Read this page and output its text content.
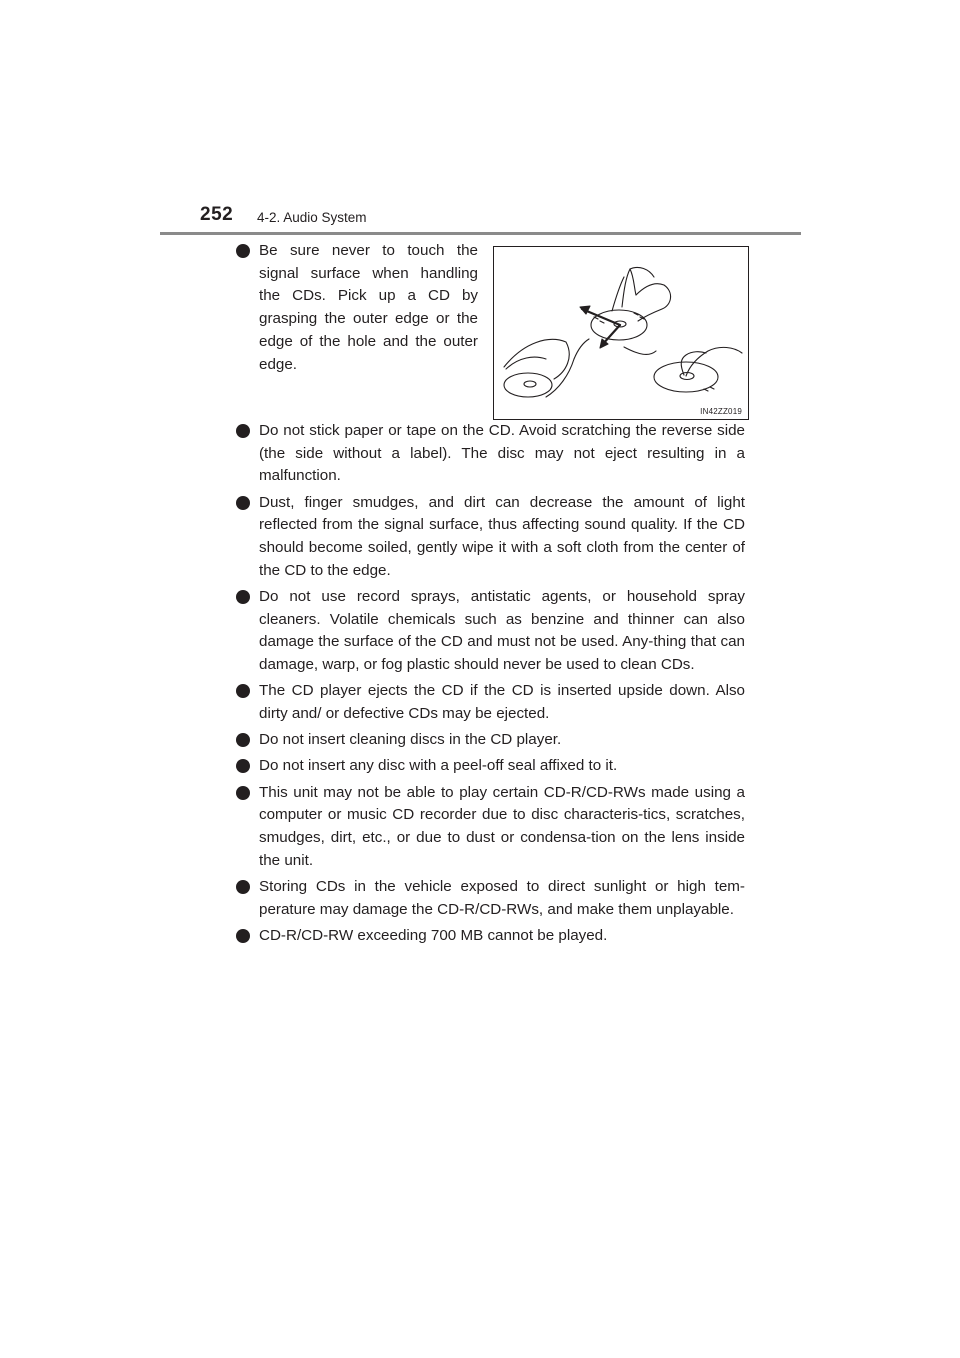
252 4-2. Audio System
Be sure never to touch the signal surface when handling the CDs. Pick up a CD by grasping the outer edge or the edge of the hole and the outer edge.
IN42ZZ019
Do not stick paper or tape on the CD. Avoid scratching the reverse side (the side without a label). The disc may not eject resulting in a malfunction.
Dust, finger smudges, and dirt can decrease the amount of light reflected from the signal surface, thus affecting sound quality. If the CD should become soiled, gently wipe it with a soft cloth from the center of the CD to the edge.
Do not use record sprays, antistatic agents, or household spray cleaners. Volatile chemicals such as benzine and thinner can also damage the surface of the CD and must not be used. Any-thing that can damage, warp, or fog plastic should never be used to clean CDs.
The CD player ejects the CD if the CD is inserted upside down. Also dirty and/ or defective CDs may be ejected.
Do not insert cleaning discs in the CD player.
Do not insert any disc with a peel-off seal affixed to it.
This unit may not be able to play certain CD-R/CD-RWs made using a computer or music CD recorder due to disc characteris-tics, scratches, smudges, dirt, etc., or due to dust or condensa-tion on the lens inside the unit.
Storing CDs in the vehicle exposed to direct sunlight or high tem-perature may damage the CD-R/CD-RWs, and make them unplayable.
CD-R/CD-RW exceeding 700 MB cannot be played.
